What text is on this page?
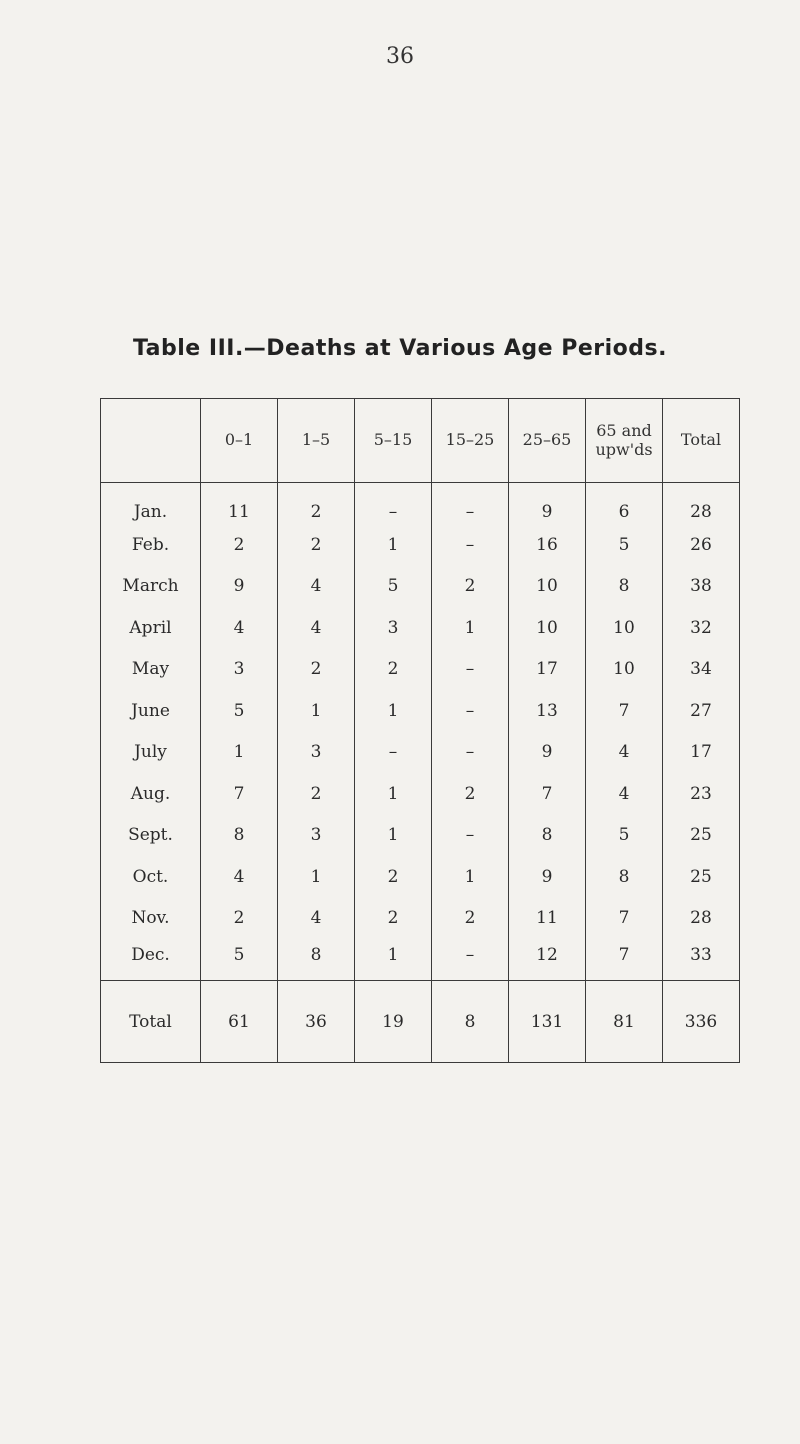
36
Table III.—Deaths at Various Age Periods.
	0–1	1–5	5–15	15–25	25–65	65 and upw'ds	Total
Jan.	11	2	–	–	9	6	28
Feb.	2	2	1	–	16	5	26
March	9	4	5	2	10	8	38
April	4	4	3	1	10	10	32
May	3	2	2	–	17	10	34
June	5	1	1	–	13	7	27
July	1	3	–	–	9	4	17
Aug.	7	2	1	2	7	4	23
Sept.	8	3	1	–	8	5	25
Oct.	4	1	2	1	9	8	25
Nov.	2	4	2	2	11	7	28
Dec.	5	8	1	–	12	7	33
Total	61	36	19	8	131	81	336
